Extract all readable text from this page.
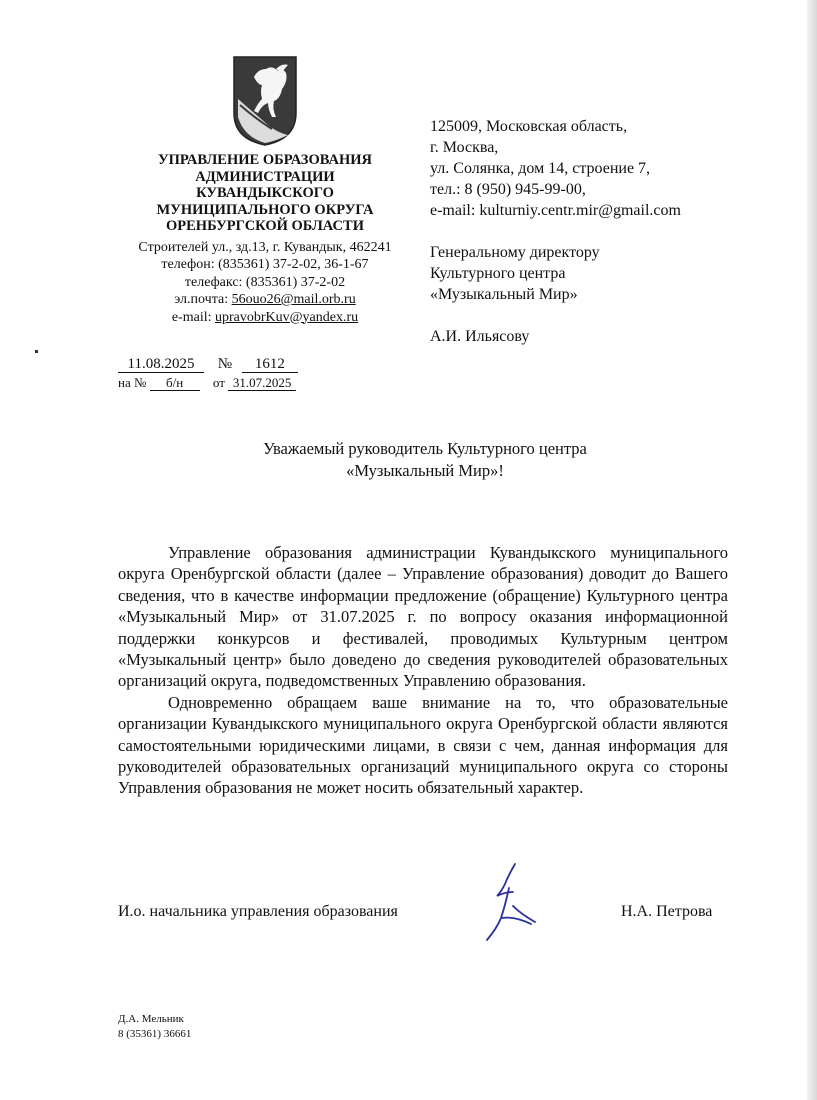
УПРАВЛЕНИЕ ОБРАЗОВАНИЯ
АДМИНИСТРАЦИИ
КУВАНДЫКСКОГО
МУНИЦИПАЛЬНОГО ОКРУГА
ОРЕНБУРГСКОЙ ОБЛАСТИ
Строителей ул., зд.13, г. Кувандык, 462241
телефон: (835361) 37-2-02, 36-1-67
телефакс: (835361) 37-2-02
эл.почта: 56ouo26@mail.orb.ru
e-mail: upravobrKuv@yandex.ru
11.08.2025 № 1612
на № б/н от 31.07.2025
125009, Московская область,
г. Москва,
ул. Солянка, дом 14, строение 7,
тел.: 8 (950) 945-99-00,
e-mail: kulturniy.centr.mir@gmail.com
Генеральному директору
Культурного центра
«Музыкальный Мир»
А.И. Ильясову
Уважаемый руководитель Культурного центра
«Музыкальный Мир»!

Управление образования администрации Кувандыкского муниципального округа Оренбургской области (далее – Управление образования) доводит до Вашего сведения, что в качестве информации предложение (обращение) Культурного центра «Музыкальный Мир» от 31.07.2025 г. по вопросу оказания информационной поддержки конкурсов и фестивалей, проводимых Культурным центром «Музыкальный центр» было доведено до сведения руководителей образовательных организаций округа, подведомственных Управлению образования.

Одновременно обращаем ваше внимание на то, что образовательные организации Кувандыкского муниципального округа Оренбургской области являются самостоятельными юридическими лицами, в связи с чем, данная информация для руководителей образовательных организаций муниципального округа со стороны Управления образования не может носить обязательный характер.

И.о. начальника управления образования	Н.А. Петрова
Д.А. Мельник
8 (35361) 36661
